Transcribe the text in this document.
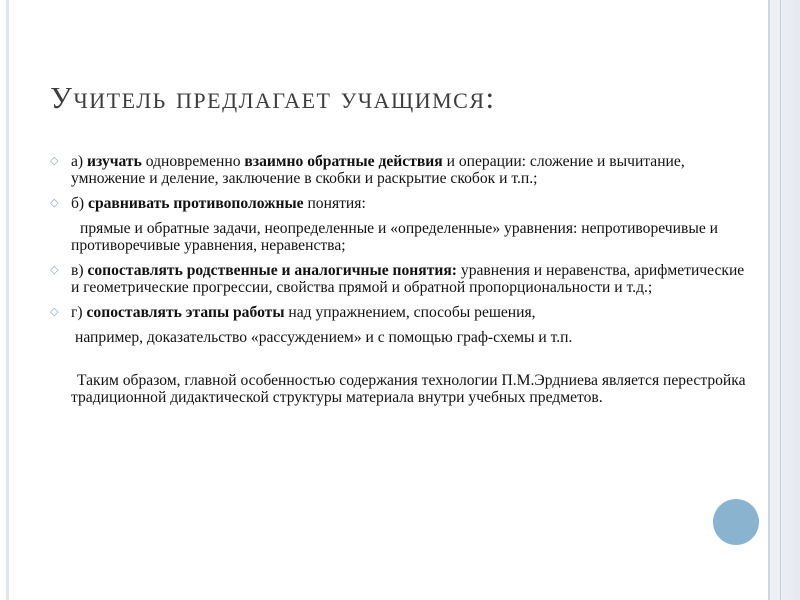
Учитель предлагает учащимся:
◇ а) изучать одновременно взаимно обратные действия и операции: сложение и вычитание, умножение и деление, заключение в скобки и раскрытие скобок и т.п.;
◇ б) сравнивать противоположные понятия:
прямые и обратные задачи, неопределенные и «определенные» уравнения: непротиворечивые и противоречивые уравнения, неравенства;
◇ в) сопоставлять родственные и аналогичные понятия: уравнения и неравенства, арифметические и геометрические прогрессии, свойства прямой и обратной пропорциональности и т.д.;
◇ г) сопоставлять этапы работы над упражнением, способы решения,
например, доказательство «рассуждением» и с помощью граф-схемы и т.п.
Таким образом, главной особенностью содержания технологии П.М.Эрдниева является перестройка традиционной дидактической структуры материала внутри учебных предметов.
